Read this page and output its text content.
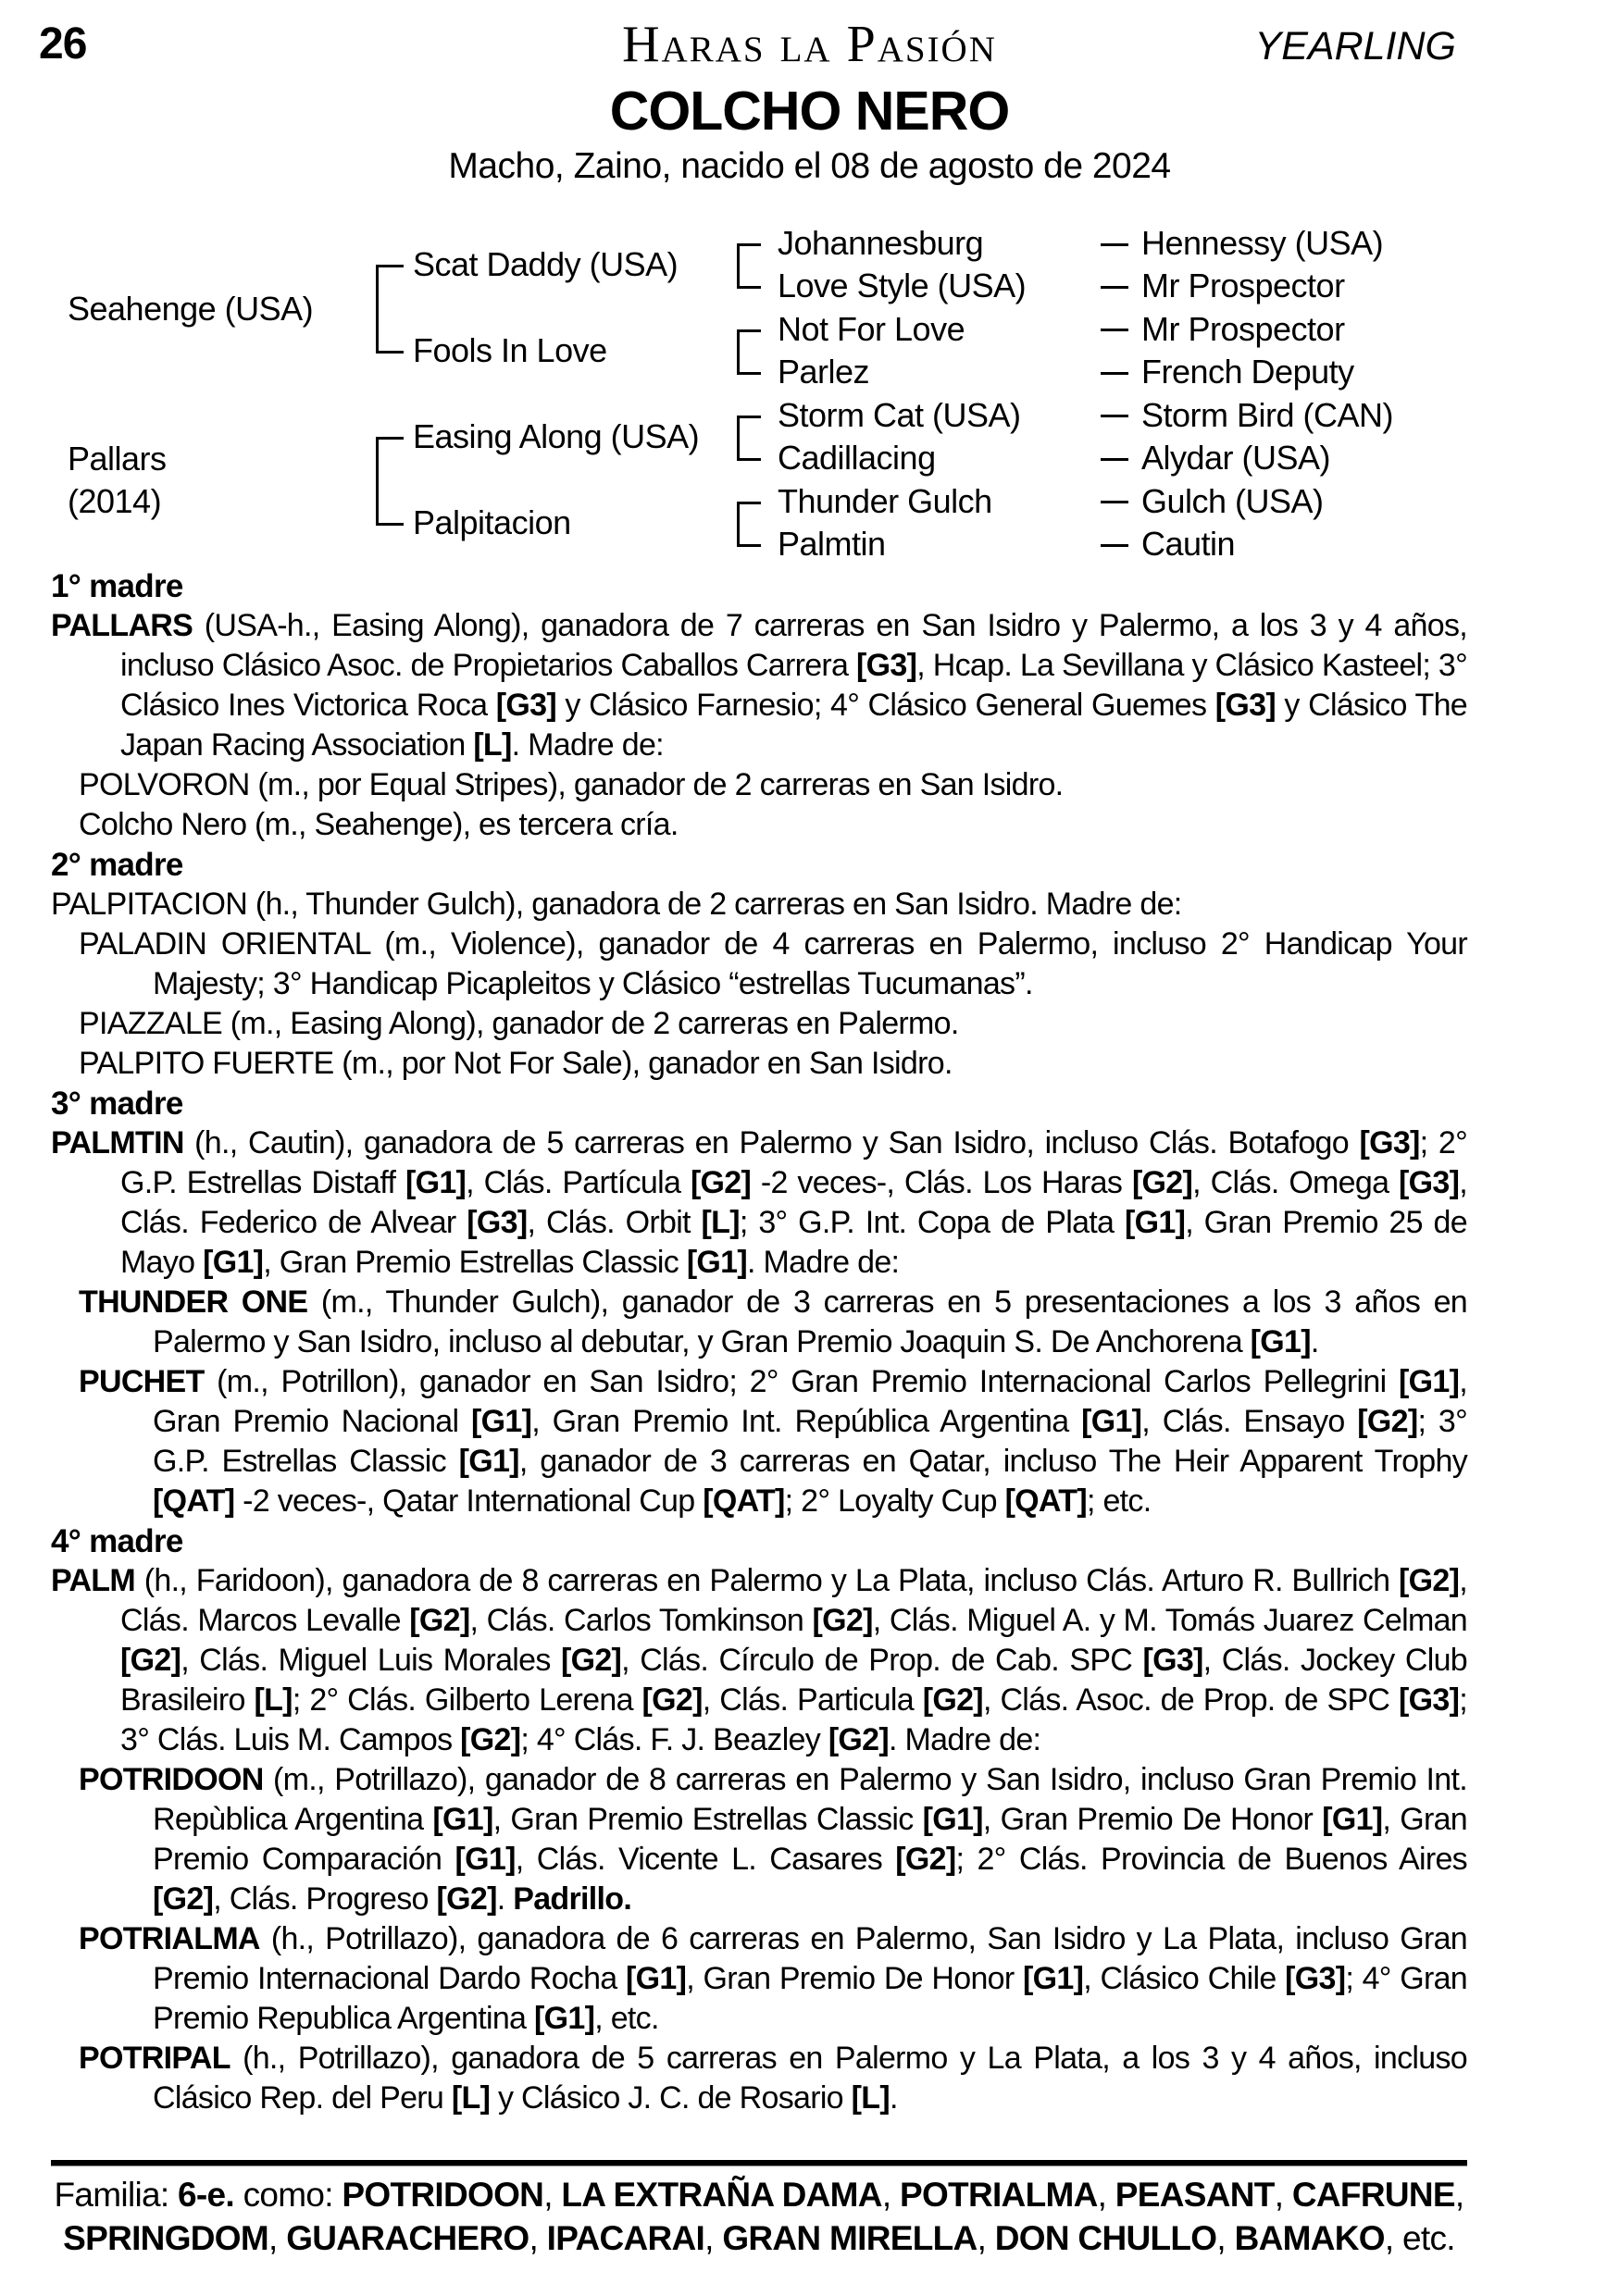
26	Haras la Pasión	YEARLING
COLCHO NERO
Macho, Zaino, nacido el 08 de agosto de 2024
Seahenge (USA)
Pallars
(2014)
Scat Daddy (USA)
Fools In Love
Easing Along (USA)
Palpitacion
Johannesburg
Love Style (USA)
Not For Love
Parlez
Storm Cat (USA)
Cadillacing
Thunder Gulch
Palmtin
Hennessy (USA)
Mr Prospector
Mr Prospector
French Deputy
Storm Bird (CAN)
Alydar (USA)
Gulch (USA)
Cautin

1° madre

PALLARS (USA-h., Easing Along), ganadora de 7 carreras en San Isidro y Palermo, a los 3 y 4 años, incluso Clásico Asoc. de Propietarios Caballos Carrera [G3], Hcap. La Sevillana y Clásico Kasteel; 3° Clásico Ines Victorica Roca [G3] y Clásico Farnesio; 4° Clásico General Guemes [G3] y Clásico The Japan Racing Association [L]. Madre de:

POLVORON (m., por Equal Stripes), ganador de 2 carreras en San Isidro.

Colcho Nero (m., Seahenge), es tercera cría.

2° madre

PALPITACION (h., Thunder Gulch), ganadora de 2 carreras en San Isidro. Madre de:

PALADIN ORIENTAL (m., Violence), ganador de 4 carreras en Palermo, incluso 2° Handicap Your Majesty; 3° Handicap Picapleitos y Clásico “estrellas Tucumanas”.

PIAZZALE (m., Easing Along), ganador de 2 carreras en Palermo.

PALPITO FUERTE (m., por Not For Sale), ganador en San Isidro.

3° madre

PALMTIN (h., Cautin), ganadora de 5 carreras en Palermo y San Isidro, incluso Clás. Botafogo [G3]; 2° G.P. Estrellas Distaff [G1], Clás. Partícula [G2] -2 veces-, Clás. Los Haras [G2], Clás. Omega [G3], Clás. Federico de Alvear [G3], Clás. Orbit [L]; 3° G.P. Int. Copa de Plata [G1], Gran Premio 25 de Mayo [G1], Gran Premio Estrellas Classic [G1]. Madre de:

THUNDER ONE (m., Thunder Gulch), ganador de 3 carreras en 5 presentaciones a los 3 años en Palermo y San Isidro, incluso al debutar, y Gran Premio Joaquin S. De Anchorena [G1].

PUCHET (m., Potrillon), ganador en San Isidro; 2° Gran Premio Internacional Carlos Pellegrini [G1], Gran Premio Nacional [G1], Gran Premio Int. República Argentina [G1], Clás. Ensayo [G2]; 3° G.P. Estrellas Classic [G1], ganador de 3 carreras en Qatar, incluso The Heir Apparent Trophy [QAT] -2 veces-, Qatar International Cup [QAT]; 2° Loyalty Cup [QAT]; etc.

4° madre

PALM (h., Faridoon), ganadora de 8 carreras en Palermo y La Plata, incluso Clás. Arturo R. Bullrich [G2], Clás. Marcos Levalle [G2], Clás. Carlos Tomkinson [G2], Clás. Miguel A. y M. Tomás Juarez Celman [G2], Clás. Miguel Luis Morales [G2], Clás. Círculo de Prop. de Cab. SPC [G3], Clás. Jockey Club Brasileiro [L]; 2° Clás. Gilberto Lerena [G2], Clás. Particula [G2], Clás. Asoc. de Prop. de SPC [G3]; 3° Clás. Luis M. Campos [G2]; 4° Clás. F. J. Beazley [G2]. Madre de:

POTRIDOON (m., Potrillazo), ganador de 8 carreras en Palermo y San Isidro, incluso Gran Premio Int. Repùblica Argentina [G1], Gran Premio Estrellas Classic [G1], Gran Premio De Honor [G1], Gran Premio Comparación [G1], Clás. Vicente L. Casares [G2]; 2° Clás. Provincia de Buenos Aires [G2], Clás. Progreso [G2]. Padrillo.

POTRIALMA (h., Potrillazo), ganadora de 6 carreras en Palermo, San Isidro y La Plata, incluso Gran Premio Internacional Dardo Rocha [G1], Gran Premio De Honor [G1], Clásico Chile [G3]; 4° Gran Premio Republica Argentina [G1], etc.

POTRIPAL (h., Potrillazo), ganadora de 5 carreras en Palermo y La Plata, a los 3 y 4 años, incluso Clásico Rep. del Peru [L] y Clásico J. C. de Rosario [L].

Familia: 6-e. como: POTRIDOON, LA EXTRAÑA DAMA, POTRIALMA, PEASANT, CAFRUNE, SPRINGDOM, GUARACHERO, IPACARAI, GRAN MIRELLA, DON CHULLO, BAMAKO, etc.
